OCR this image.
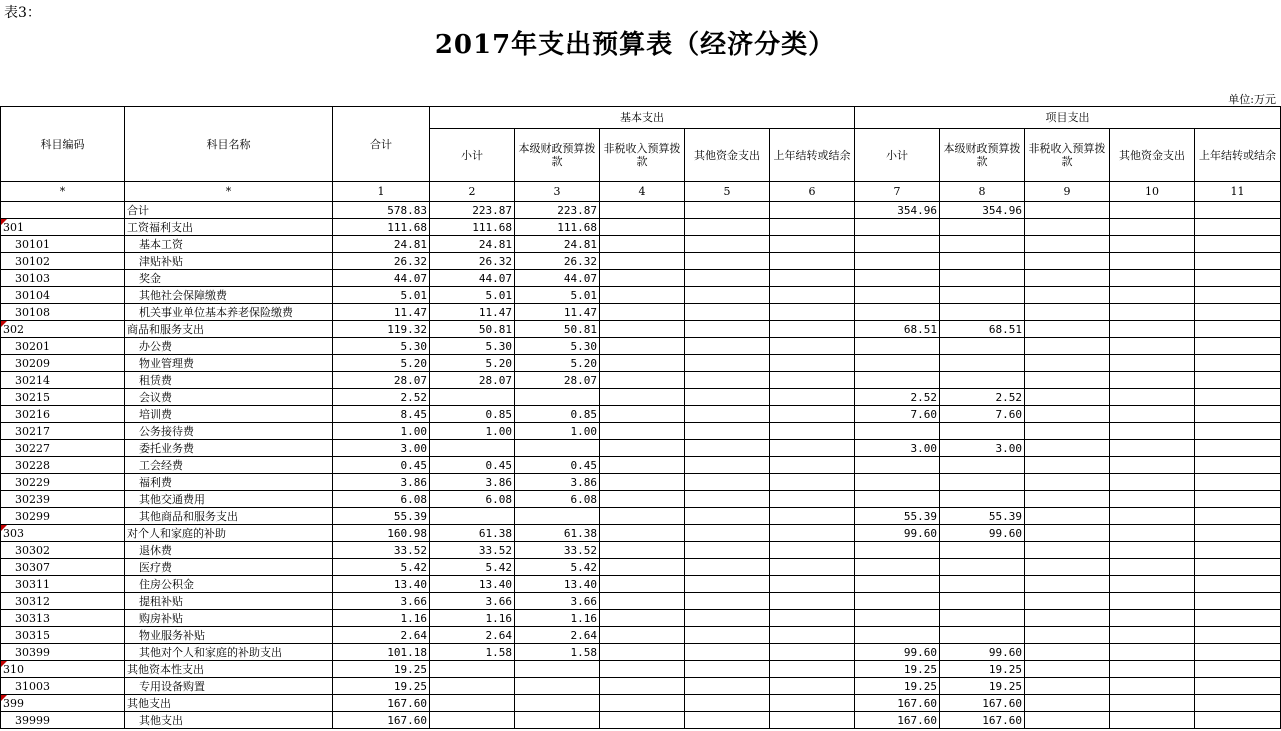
表3：
2017年支出预算表（经济分类）
单位:万元
科目编码	科目名称	合计	基本支出					项目支出				
			小计	本级财政预算拨款	非税收入预算拨款	其他资金支出	上年结转或结余	小计	本级财政预算拨款	非税收入预算拨款	其他资金支出	上年结转或结余
*	*	1	2	3	4	5	6	7	8	9	10	11
	合计	578.83	223.87	223.87				354.96	354.96			

301	工资福利支出	111.68	111.68	111.68								
30101	基本工资	24.81	24.81	24.81								
30102	津贴补贴	26.32	26.32	26.32								
30103	奖金	44.07	44.07	44.07								
30104	其他社会保障缴费	5.01	5.01	5.01								
30108	机关事业单位基本养老保险缴费	11.47	11.47	11.47								

302	商品和服务支出	119.32	50.81	50.81				68.51	68.51			
30201	办公费	5.30	5.30	5.30								
30209	物业管理费	5.20	5.20	5.20								
30214	租赁费	28.07	28.07	28.07								
30215	会议费	2.52						2.52	2.52			
30216	培训费	8.45	0.85	0.85				7.60	7.60			
30217	公务接待费	1.00	1.00	1.00								
30227	委托业务费	3.00						3.00	3.00			
30228	工会经费	0.45	0.45	0.45								
30229	福利费	3.86	3.86	3.86								
30239	其他交通费用	6.08	6.08	6.08								
30299	其他商品和服务支出	55.39						55.39	55.39			

303	对个人和家庭的补助	160.98	61.38	61.38				99.60	99.60			
30302	退休费	33.52	33.52	33.52								
30307	医疗费	5.42	5.42	5.42								
30311	住房公积金	13.40	13.40	13.40								
30312	提租补贴	3.66	3.66	3.66								
30313	购房补贴	1.16	1.16	1.16								
30315	物业服务补贴	2.64	2.64	2.64								
30399	其他对个人和家庭的补助支出	101.18	1.58	1.58				99.60	99.60			

310	其他资本性支出	19.25						19.25	19.25			
31003	专用设备购置	19.25						19.25	19.25			

399	其他支出	167.60						167.60	167.60			
39999	其他支出	167.60						167.60	167.60			
